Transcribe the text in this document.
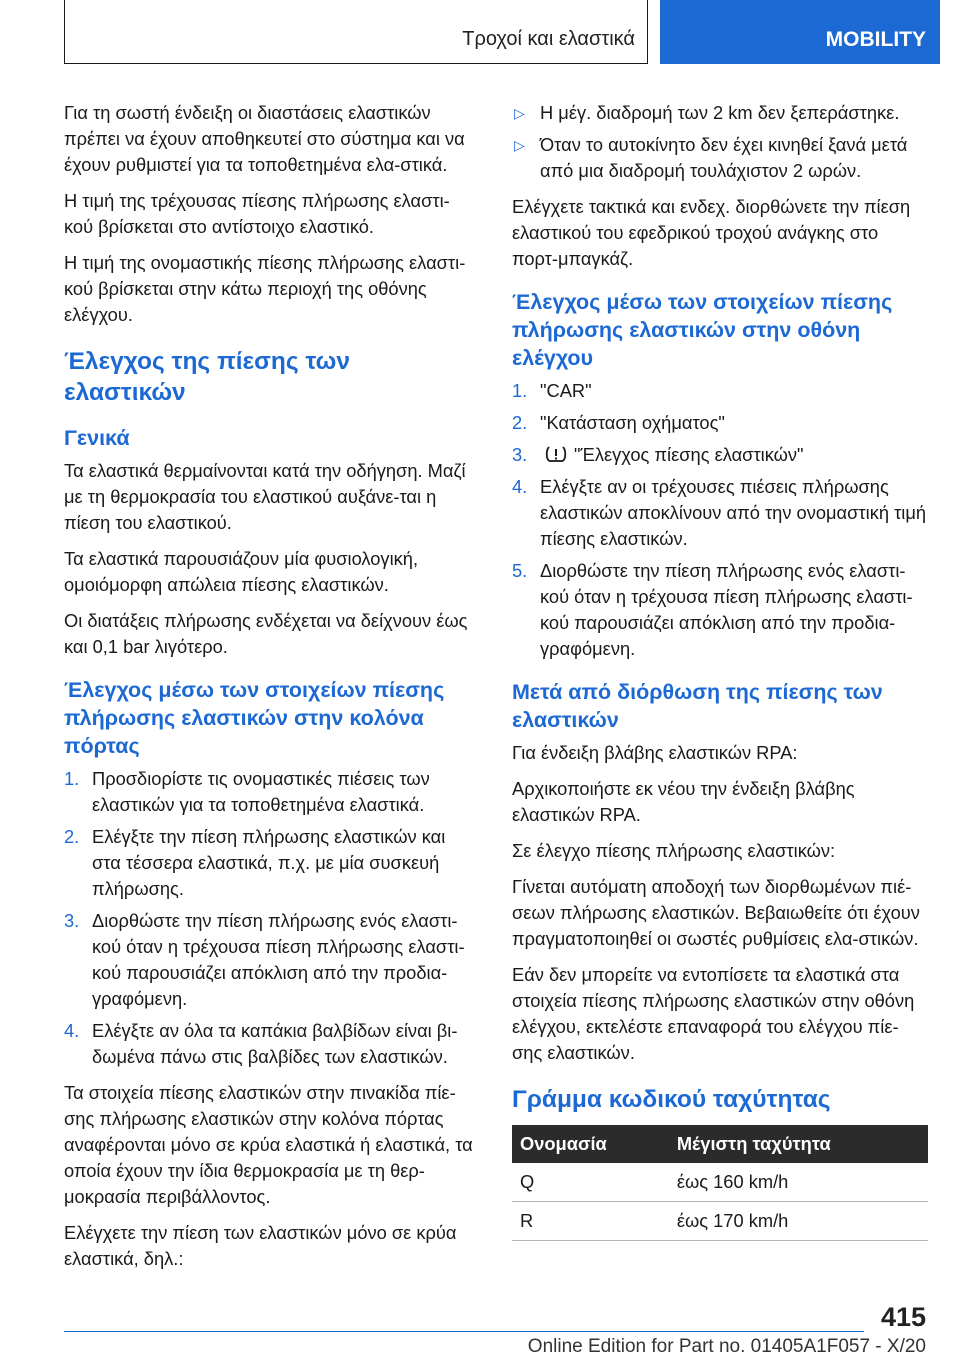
Τροχοί και ελαστικά	MOBILITY

Για τη σωστή ένδειξη οι διαστάσεις ελαστικών πρέπει να έχουν αποθηκευτεί στο σύστημα και να έχουν ρυθμιστεί για τα τοποθετημένα ελα-στικά.

Η τιμή της τρέχουσας πίεσης πλήρωσης ελαστι-κού βρίσκεται στο αντίστοιχο ελαστικό.

Η τιμή της ονομαστικής πίεσης πλήρωσης ελαστι-κού βρίσκεται στην κάτω περιοχή της οθόνης ελέγχου.

Έλεγχος της πίεσης των ελαστικών
Γενικά

Τα ελαστικά θερμαίνονται κατά την οδήγηση. Μαζί με τη θερμοκρασία του ελαστικού αυξάνε-ται η πίεση του ελαστικού.

Τα ελαστικά παρουσιάζουν μία φυσιολογική, ομοιόμορφη απώλεια πίεσης ελαστικών.

Οι διατάξεις πλήρωσης ενδέχεται να δείχνουν έως και 0,1 bar λιγότερο.

Έλεγχος μέσω των στοιχείων πίεσης πλήρωσης ελαστικών στην κολόνα πόρτας
1. Προσδιορίστε τις ονομαστικές πιέσεις των ελαστικών για τα τοποθετημένα ελαστικά.
2. Ελέγξτε την πίεση πλήρωσης ελαστικών και στα τέσσερα ελαστικά, π.χ. με μία συσκευή πλήρωσης.
3. Διορθώστε την πίεση πλήρωσης ενός ελαστι-κού όταν η τρέχουσα πίεση πλήρωσης ελαστι-κού παρουσιάζει απόκλιση από την προδια-γραφόμενη.
4. Ελέγξτε αν όλα τα καπάκια βαλβίδων είναι βι-δωμένα πάνω στις βαλβίδες των ελαστικών.

Τα στοιχεία πίεσης ελαστικών στην πινακίδα πίε-σης πλήρωσης ελαστικών στην κολόνα πόρτας αναφέρονται μόνο σε κρύα ελαστικά ή ελαστικά, τα οποία έχουν την ίδια θερμοκρασία με τη θερ-μοκρασία περιβάλλοντος.

Ελέγχετε την πίεση των ελαστικών μόνο σε κρύα ελαστικά, δηλ.:

▷ Η μέγ. διαδρομή των 2 km δεν ξεπεράστηκε.
▷ Όταν το αυτοκίνητο δεν έχει κινηθεί ξανά μετά από μια διαδρομή τουλάχιστον 2 ωρών.

Ελέγχετε τακτικά και ενδεχ. διορθώνετε την πίεση ελαστικού του εφεδρικού τροχού ανάγκης στο πορτ-μπαγκάζ.

Έλεγχος μέσω των στοιχείων πίεσης πλήρωσης ελαστικών στην οθόνη ελέγχου
1. "CAR"
2. "Κατάσταση οχήματος"
3.	"Έλεγχος πίεσης ελαστικών"
4. Ελέγξτε αν οι τρέχουσες πιέσεις πλήρωσης ελαστικών αποκλίνουν από την ονομαστική τιμή πίεσης ελαστικών.
5. Διορθώστε την πίεση πλήρωσης ενός ελαστι-κού όταν η τρέχουσα πίεση πλήρωσης ελαστι-κού παρουσιάζει απόκλιση από την προδια-γραφόμενη.
Μετά από διόρθωση της πίεσης των ελαστικών

Για ένδειξη βλάβης ελαστικών RPA:

Αρχικοποιήστε εκ νέου την ένδειξη βλάβης ελαστικών RPA.

Σε έλεγχο πίεσης πλήρωσης ελαστικών:

Γίνεται αυτόματη αποδοχή των διορθωμένων πιέ-σεων πλήρωσης ελαστικών. Βεβαιωθείτε ότι έχουν πραγματοποιηθεί οι σωστές ρυθμίσεις ελα-στικών.

Εάν δεν μπορείτε να εντοπίσετε τα ελαστικά στα στοιχεία πίεσης πλήρωσης ελαστικών στην οθόνη ελέγχου, εκτελέστε επαναφορά του ελέγχου πίε-σης ελαστικών.

Γράμμα κωδικού ταχύτητας
Ονομασία	Μέγιστη ταχύτητα
Q	έως 160 km/h
R	έως 170 km/h
415
Online Edition for Part no. 01405A1F057 - X/20
